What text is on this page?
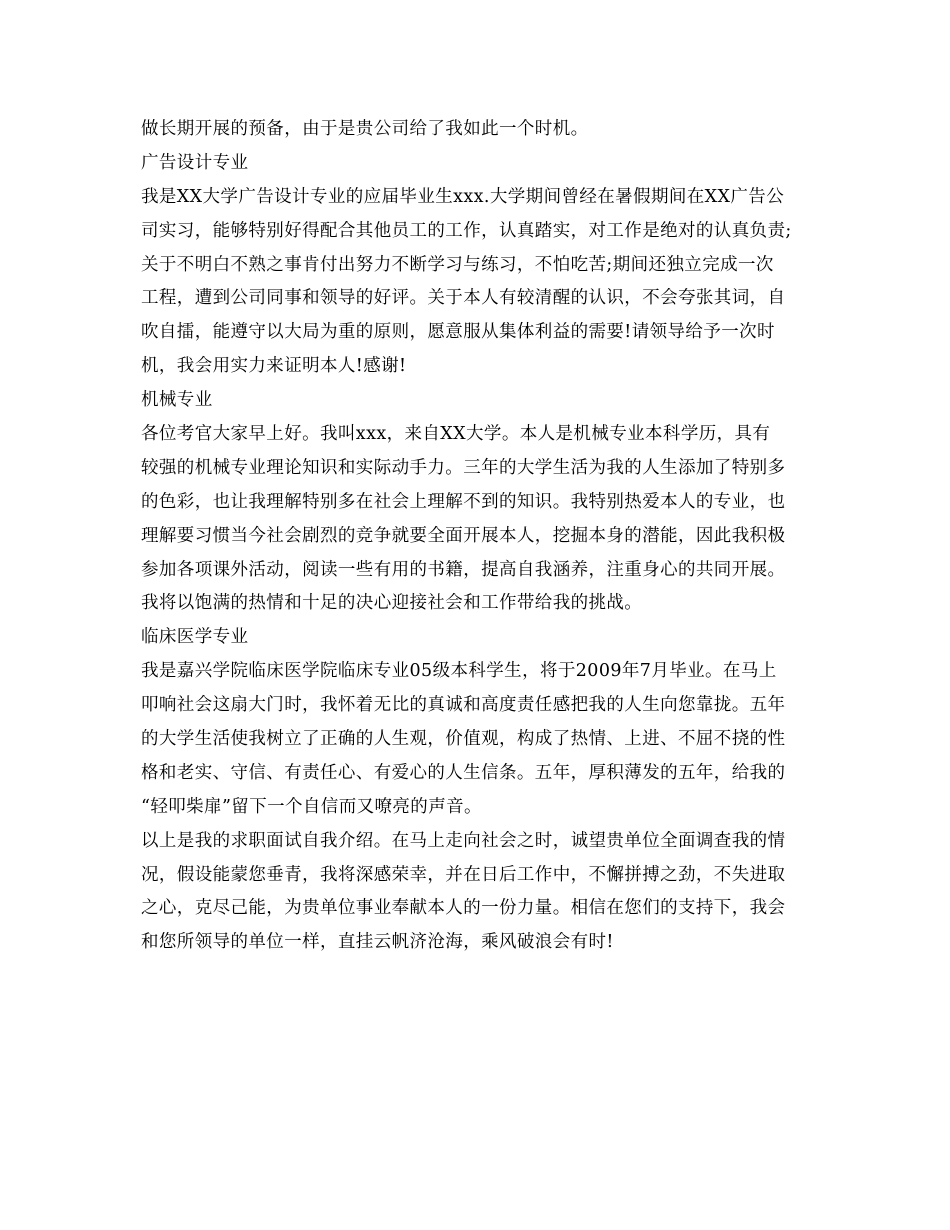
做长期开展的预备，由于是贵公司给了我如此一个时机。
广告设计专业
我是XX大学广告设计专业的应届毕业生xxx.大学期间曾经在暑假期间在XX广告公
司实习，能够特别好得配合其他员工的工作，认真踏实，对工作是绝对的认真负责;
关于不明白不熟之事肯付出努力不断学习与练习，不怕吃苦;期间还独立完成一次
工程，遭到公司同事和领导的好评。关于本人有较清醒的认识，不会夸张其词，自
吹自擂，能遵守以大局为重的原则，愿意服从集体利益的需要!请领导给予一次时
机，我会用实力来证明本人!感谢!
机械专业
各位考官大家早上好。我叫xxx，来自XX大学。本人是机械专业本科学历，具有
较强的机械专业理论知识和实际动手力。三年的大学生活为我的人生添加了特别多
的色彩，也让我理解特别多在社会上理解不到的知识。我特别热爱本人的专业，也
理解要习惯当今社会剧烈的竞争就要全面开展本人，挖掘本身的潜能，因此我积极
参加各项课外活动，阅读一些有用的书籍，提高自我涵养，注重身心的共同开展。
我将以饱满的热情和十足的决心迎接社会和工作带给我的挑战。
临床医学专业
我是嘉兴学院临床医学院临床专业05级本科学生，将于2009年7月毕业。在马上
叩响社会这扇大门时，我怀着无比的真诚和高度责任感把我的人生向您靠拢。五年
的大学生活使我树立了正确的人生观，价值观，构成了热情、上进、不屈不挠的性
格和老实、守信、有责任心、有爱心的人生信条。五年，厚积薄发的五年，给我的
“轻叩柴扉”留下一个自信而又嘹亮的声音。
以上是我的求职面试自我介绍。在马上走向社会之时，诚望贵单位全面调查我的情
况，假设能蒙您垂青，我将深感荣幸，并在日后工作中，不懈拼搏之劲，不失进取
之心，克尽己能，为贵单位事业奉献本人的一份力量。相信在您们的支持下，我会
和您所领导的单位一样，直挂云帆济沧海，乘风破浪会有时!
